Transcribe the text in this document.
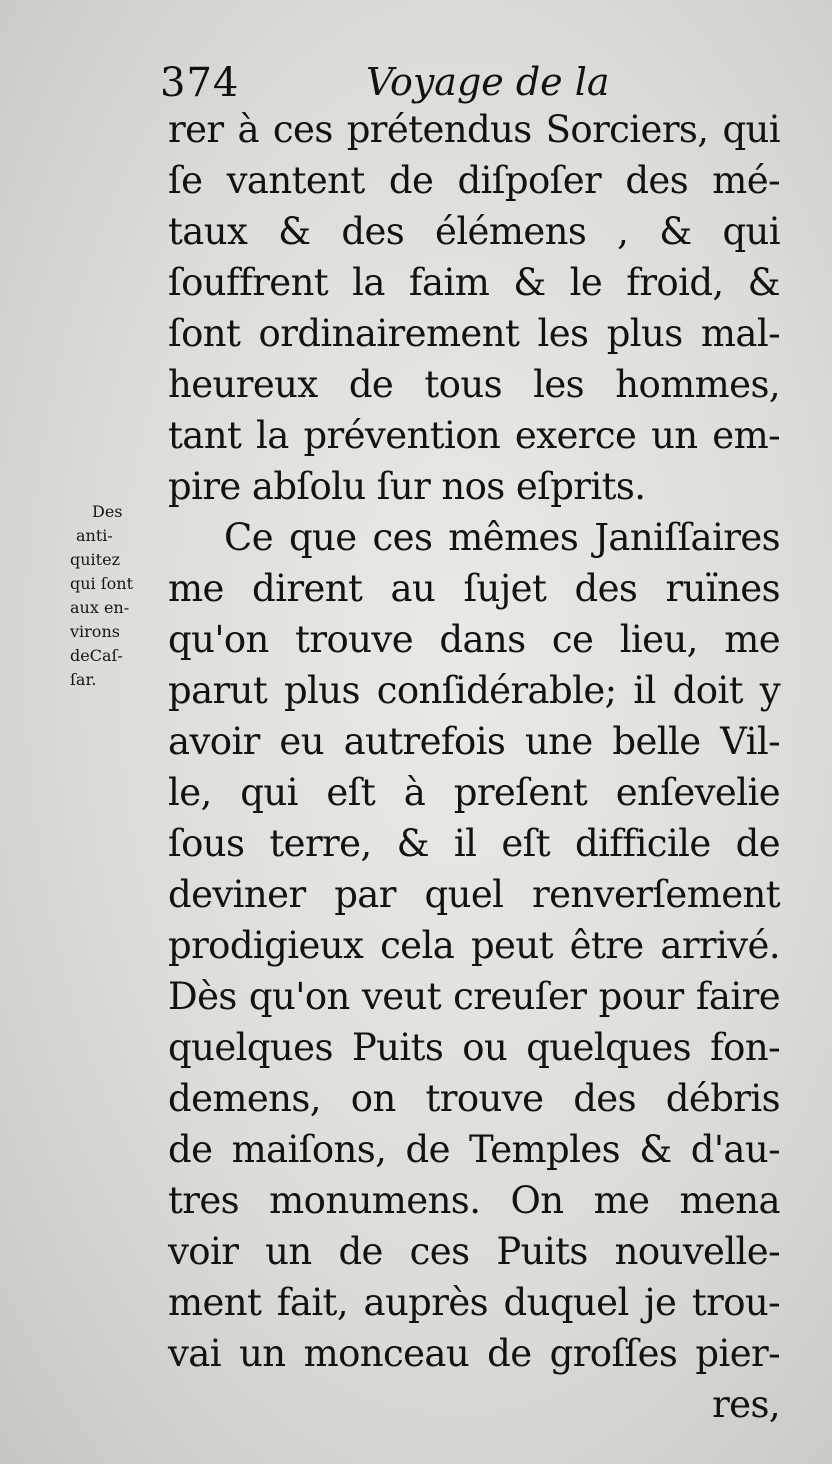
374	Voyage de la
Des
anti-
quitez
qui ſont
aux en-
virons
deCaſ-
ſar.
rer à ces prétendus Sorciers, qui
ſe vantent de diſpoſer des mé-
taux & des élémens , & qui
ſouffrent la faim & le froid, &
ſont ordinairement les plus mal-
heureux de tous les hommes,
tant la prévention exerce un em-
pire abſolu ſur nos eſprits.
Ce que ces mêmes Janiſſaires
me dirent au ſujet des ruïnes
qu'on trouve dans ce lieu, me
parut plus conſidérable; il doit y
avoir eu autrefois une belle Vil-
le, qui eſt à preſent enſevelie
ſous terre, & il eſt difficile de
deviner par quel renverſement
prodigieux cela peut être arrivé.
Dès qu'on veut creuſer pour faire
quelques Puits ou quelques fon-
demens, on trouve des débris
de maiſons, de Temples & d'au-
tres monumens. On me mena
voir un de ces Puits nouvelle-
ment fait, auprès duquel je trou-
vai un monceau de groſſes pier-
res,
